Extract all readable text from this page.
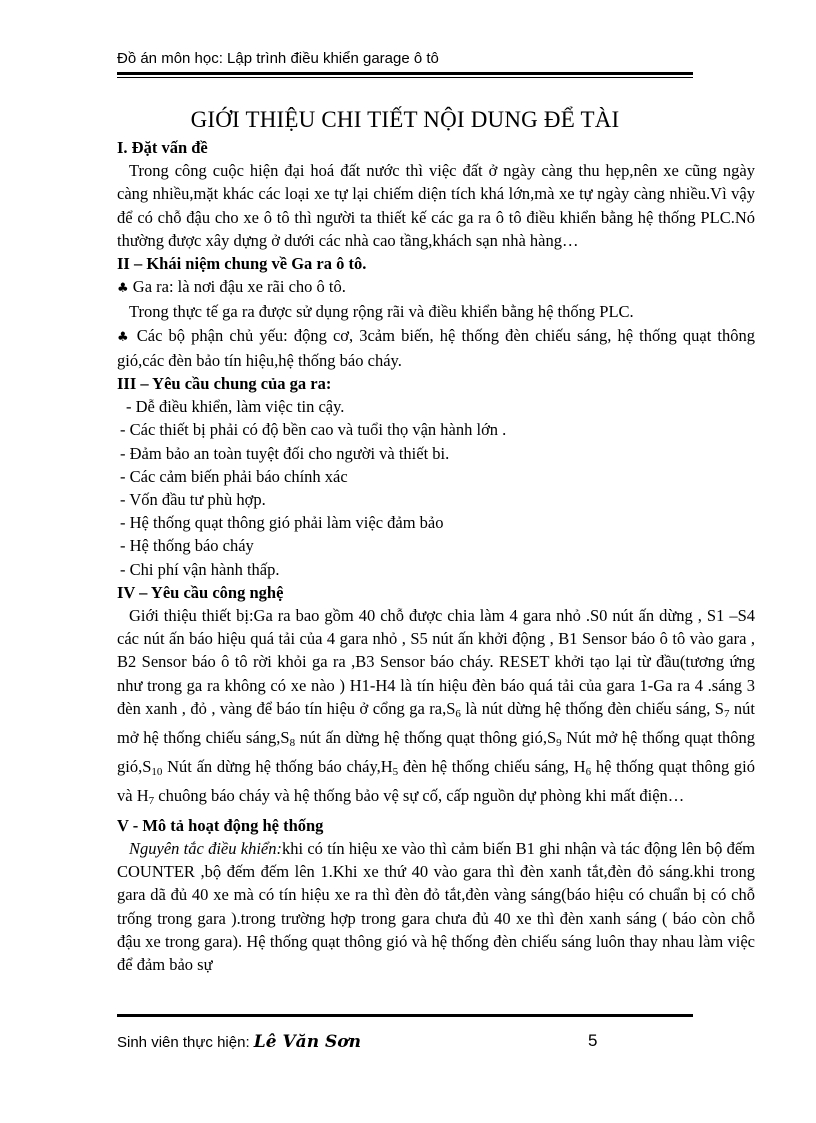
Đồ án môn học: Lập trình điều khiển garage ô tô
GIỚI THIỆU CHI TIẾT NỘI DUNG ĐỂ TÀI

I. Đặt vấn đề

Trong công cuộc hiện đại hoá đất nước thì việc đất ở ngày càng thu hẹp,nên xe cũng ngày càng nhiều,mặt khác các loại xe tự lại chiếm diện tích khá lớn,mà xe tự ngày càng nhiều.Vì vậy để có chỗ đậu cho xe ô tô thì người ta thiết kế các ga ra ô tô điều khiển bằng hệ thống PLC.Nó thường được xây dựng ở dưới các nhà cao tầng,khách sạn nhà hàng…

II – Khái niệm chung về Ga ra ô tô.

♣ Ga ra: là nơi đậu xe rãi cho ô tô.

Trong thực tế ga ra được sử dụng rộng rãi và điều khiển bằng hệ thống PLC.

♣ Các bộ phận chủ yếu: động cơ, 3cảm biến, hệ thống đèn chiếu sáng, hệ thống quạt thông gió,các đèn bảo tín hiệu,hệ thống báo cháy.

III – Yêu cầu chung của ga ra:

- Dễ điều khiển, làm việc tin cậy.

- Các thiết bị phải có độ bền cao và tuổi thọ vận hành lớn .

- Đảm bảo an toàn tuyệt đối cho người và thiết bi.

- Các cảm biến phải báo chính xác

- Vốn đầu tư phù hợp.

- Hệ thống quạt thông gió phải làm việc đảm bảo

- Hệ thống báo cháy

- Chi phí vận hành thấp.

IV – Yêu cầu công nghệ

Giới thiệu thiết bị:Ga ra bao gồm 40 chỗ được chia làm 4 gara nhỏ .S0 nút ấn dừng , S1 –S4 các nút ấn báo hiệu quá tải của 4 gara nhỏ , S5 nút ấn khởi động , B1 Sensor báo ô tô vào gara , B2 Sensor báo ô tô rời khỏi ga ra ,B3 Sensor báo cháy. RESET khởi tạo lại từ đầu(tương ứng như trong ga ra không có xe nào ) H1-H4 là tín hiệu đèn báo quá tải của gara 1-Ga ra 4 .sáng 3 đèn xanh , đỏ , vàng để báo tín hiệu ở cổng ga $ra,S_6$ là nút dừng hệ thống đèn chiếu sáng, $S_7$ nút mở hệ thống chiếu $sáng,S_8$ nút ấn dừng hệ thống quạt thông $gió,S_9$ Nút mở hệ thống quạt thông $gió,S_{10}$ Nút ấn dừng hệ thống báo $cháy,H_5$ đèn hệ thống chiếu sáng, $H_6$ hệ thống quạt thông gió và $H_7$ chuông báo cháy và hệ thống bảo vệ sự cố, cấp nguồn dự phòng khi mất điện…

V - Mô tả hoạt động hệ thống

Nguyên tắc điều khiển:khi có tín hiệu xe vào thì cảm biến B1 ghi nhận và tác động lên bộ đếm COUNTER ,bộ đếm đếm lên 1.Khi xe thứ 40 vào gara thì đèn xanh tắt,đèn đỏ sáng.khi trong gara dã đủ 40 xe mà có tín hiệu xe ra thì đèn đỏ tắt,đèn vàng sáng(báo hiệu có chuẩn bị có chỗ trống trong gara ).trong trường hợp trong gara chưa đủ 40 xe thì đèn xanh sáng ( báo còn chỗ đậu xe trong gara). Hệ thống quạt thông gió và hệ thống đèn chiếu sáng luôn thay nhau làm việc để đảm bảo sự

Sinh viên thực hiện: Lê Văn Sơn	5
